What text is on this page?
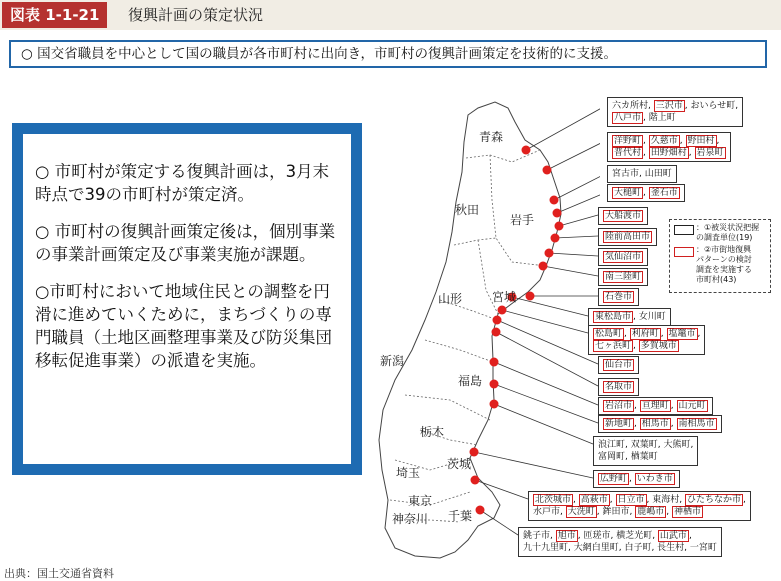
図表 1-1-21	復興計画の策定状況
○ 国交省職員を中心として国の職員が各市町村に出向き，市町村の復興計画策定を技術的に支援。
○ 市町村が策定する復興計画は，3月末時点で39の市町村が策定済。
○ 市町村の復興計画策定後は，個別事業の事業計画策定及び事業実施が課題。
○市町村において地域住民との調整を円滑に進めていくために，まちづくりの専門職員（土地区画整理事業及び防災集団移転促進事業）の派遣を実施。
青森
秋田
岩手
山形 宮城
福島
新潟
栃木
茨城
埼玉
東京
神奈川 千葉
六カ所村, 三沢市 , おいらせ町,
八戸市 , 階上町
洋野町 , 久慈市 , 野田村 ,
普代村 , 田野畑村 , 岩泉町
宮古市, 山田町
大槌町 , 釜石市
大船渡市
陸前高田市
気仙沼市
南三陸町
石巻市
東松島市 , 女川町
松島町 , 利府町 , 塩竈市 ,
七ヶ浜町 , 多賀城市
仙台市
名取市
岩沼市 , 亘理町 , 山元町
新地町 , 相馬市 , 南相馬市
浪江町, 双葉町, 大熊町,
富岡町, 楢葉町
広野町 , いわき市
北茨城市 , 高萩市 , 日立市 , 東海村, ひたちなか市 ,
水戸市, 大洗町 , 鉾田市, 鹿嶋市 , 神栖市
銚子市, 旭市 , 匝瑳市, 横芝光町, 山武市 ,
九十九里町, 大網白里町, 白子町, 長生村, 一宮町
：①被災状況把握
の調査単位(19)
：②市街地復興
パターンの検討
調査を実施する
市町村(43)
出典：国土交通省資料
